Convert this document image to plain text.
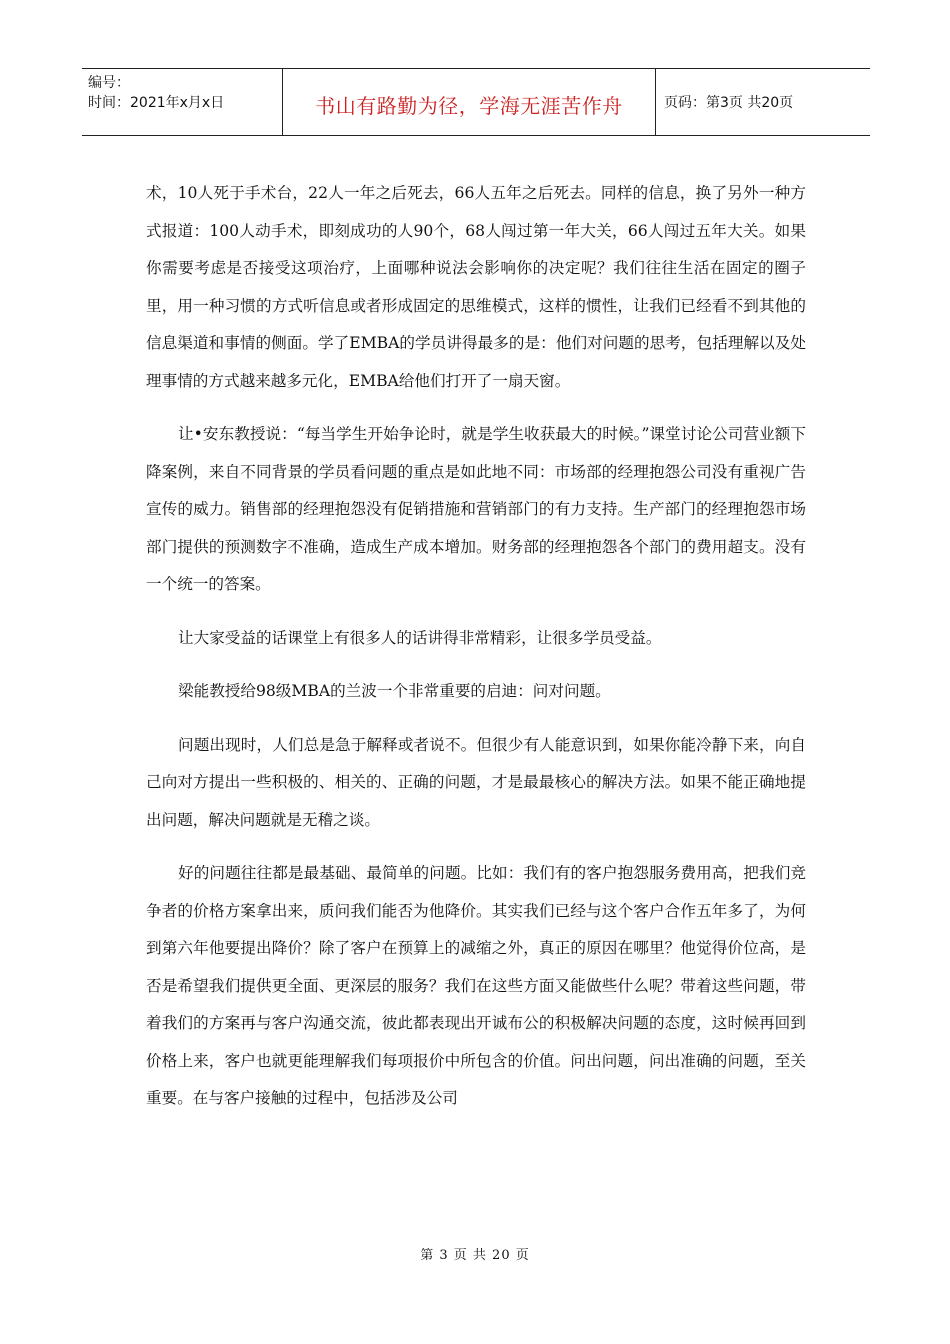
编号：
时间：2021年x月x日	书山有路勤为径，学海无涯苦作舟	页码：第3页 共20页

术，10人死于手术台，22人一年之后死去，66人五年之后死去。同样的信息，换了另外一种方式报道：100人动手术，即刻成功的人90个，68人闯过第一年大关，66人闯过五年大关。如果你需要考虑是否接受这项治疗，上面哪种说法会影响你的决定呢？我们往往生活在固定的圈子里，用一种习惯的方式听信息或者形成固定的思维模式，这样的惯性，让我们已经看不到其他的信息渠道和事情的侧面。学了EMBA的学员讲得最多的是：他们对问题的思考，包括理解以及处理事情的方式越来越多元化，EMBA给他们打开了一扇天窗。

让•安东教授说：“每当学生开始争论时，就是学生收获最大的时候。”课堂讨论公司营业额下降案例，来自不同背景的学员看问题的重点是如此地不同：市场部的经理抱怨公司没有重视广告宣传的威力。销售部的经理抱怨没有促销措施和营销部门的有力支持。生产部门的经理抱怨市场部门提供的预测数字不准确，造成生产成本增加。财务部的经理抱怨各个部门的费用超支。没有一个统一的答案。

让大家受益的话课堂上有很多人的话讲得非常精彩，让很多学员受益。

梁能教授给98级MBA的兰波一个非常重要的启迪：问对问题。

问题出现时，人们总是急于解释或者说不。但很少有人能意识到，如果你能冷静下来，向自己向对方提出一些积极的、相关的、正确的问题，才是最最核心的解决方法。如果不能正确地提出问题，解决问题就是无稽之谈。

好的问题往往都是最基础、最简单的问题。比如：我们有的客户抱怨服务费用高，把我们竞争者的价格方案拿出来，质问我们能否为他降价。其实我们已经与这个客户合作五年多了，为何到第六年他要提出降价？除了客户在预算上的减缩之外，真正的原因在哪里？他觉得价位高，是否是希望我们提供更全面、更深层的服务？我们在这些方面又能做些什么呢？带着这些问题，带着我们的方案再与客户沟通交流，彼此都表现出开诚布公的积极解决问题的态度，这时候再回到价格上来，客户也就更能理解我们每项报价中所包含的价值。问出问题，问出准确的问题，至关重要。在与客户接触的过程中，包括涉及公司

第 3 页 共 20 页
